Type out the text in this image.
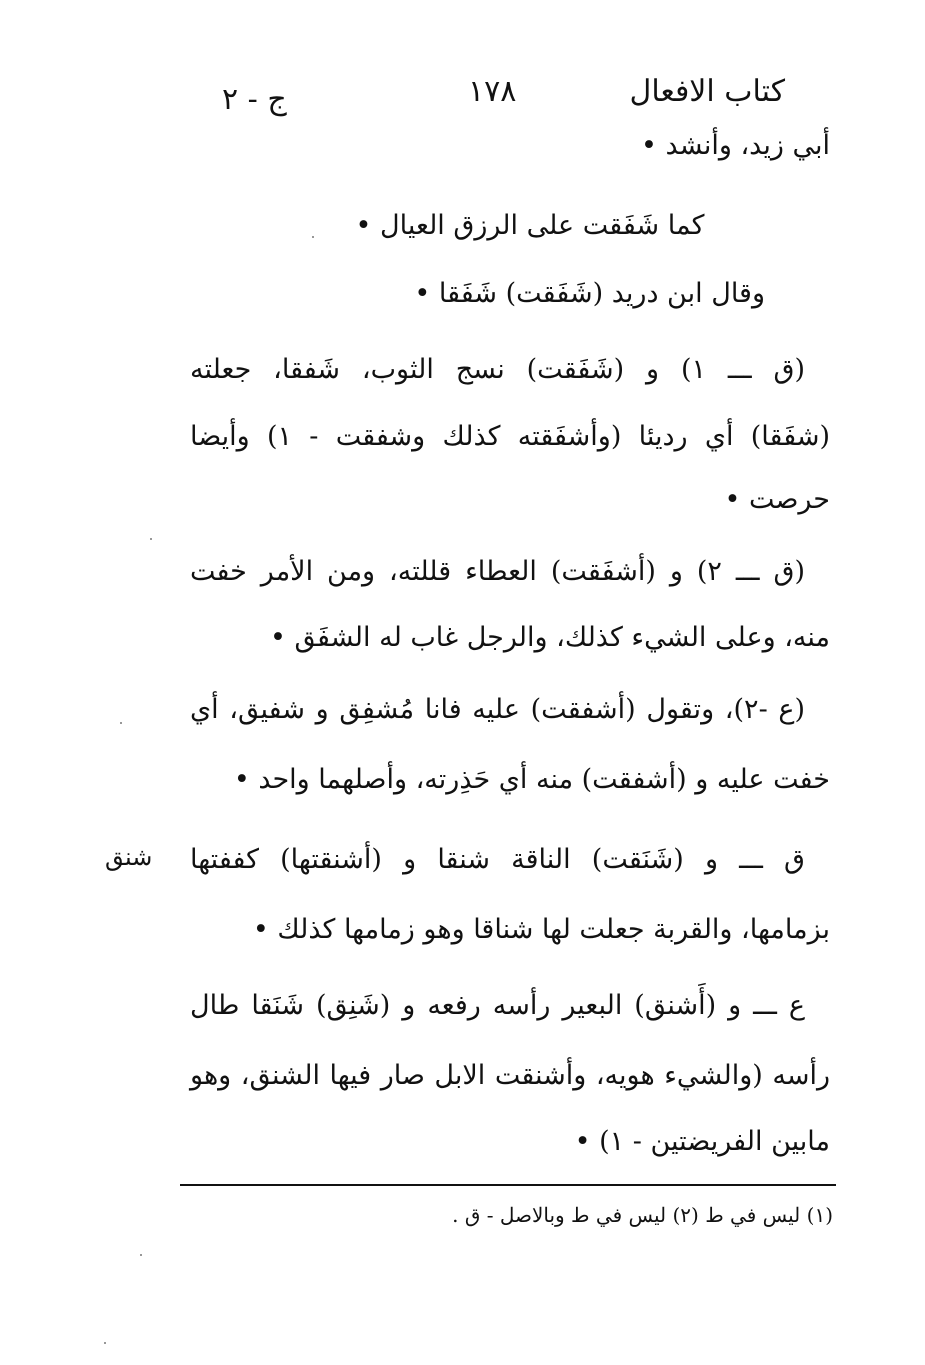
كتاب الافعال
١٧٨
ج - ٢
أبي زيد، وأنشد •
كما شَفَقت على الرزق العيال •
وقال ابن دريد (شَفَقت) شَفَقا •
(ق ـــ ١) و (شَفَقت) نسج الثوب، شَفقا، جعلته
(شفَقا) أي رديئا (وأشفَقته كذلك وشفقت - ١) وأيضا
حرصت •
(ق ـــ ٢) و (أشفَقت) العطاء قللته، ومن الأمر خفت
منه، وعلى الشيء كذلك، والرجل غاب له الشفَق •
(ع -٢)، وتقول (أشفقت) عليه فانا مُشفِق و شفيق، أي
خفت عليه و (أشفقت) منه أي حَذِرته، وأصلهما واحد •
ق ـــ و (شَنَقت) الناقة شنقا و (أشنقتها) كففتها
شنق
بزمامها، والقربة جعلت لها شناقا وهو زمامها كذلك •
ع ـــ و (أَشنق) البعير رأسه رفعه و (شَنِق) شَنَقا طال
رأسه (والشيء هويه، وأشنقت الابل صار فيها الشنق، وهو
مابين الفريضتين - ١) •
(١) ليس في ط (٢) ليس في ط وبالاصل - ق .
